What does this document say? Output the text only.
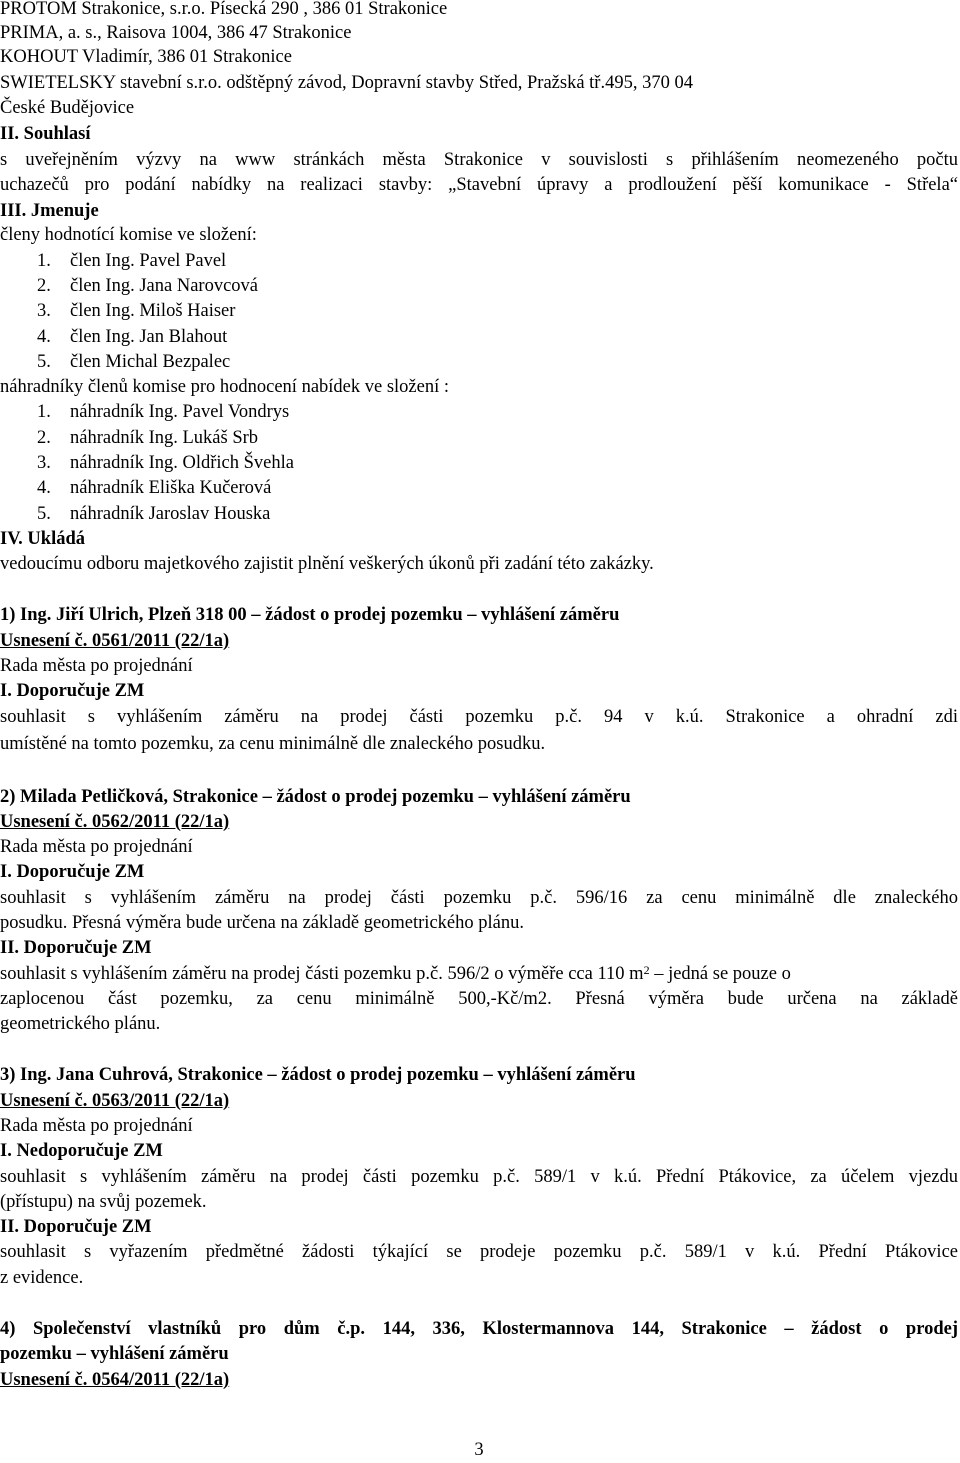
PROTOM Strakonice, s.r.o. Písecká 290 , 386 01 Strakonice
PRIMA, a. s., Raisova 1004, 386 47 Strakonice
KOHOUT Vladimír, 386 01 Strakonice
SWIETELSKY stavební s.r.o. odštěpný závod, Dopravní stavby Střed, Pražská tř.495, 370 04
České Budějovice
II. Souhlasí
s uveřejněním výzvy na www stránkách města Strakonice v souvislosti s přihlášením neomezeného počtu
uchazečů pro podání nabídky na realizaci stavby: „Stavební úpravy a prodloužení pěší komunikace - Střela“
III. Jmenuje
členy hodnotící komise ve složení:
1. člen Ing. Pavel Pavel
2. člen Ing. Jana Narovcová
3. člen Ing. Miloš Haiser
4. člen Ing. Jan Blahout
5. člen Michal Bezpalec
náhradníky členů komise pro hodnocení nabídek ve složení :
1. náhradník Ing. Pavel Vondrys
2. náhradník Ing. Lukáš Srb
3. náhradník Ing. Oldřich Švehla
4. náhradník Eliška Kučerová
5. náhradník Jaroslav Houska
IV. Ukládá
vedoucímu odboru majetkového zajistit plnění veškerých úkonů při zadání této zakázky.
1) Ing. Jiří Ulrich, Plzeň 318 00 – žádost o prodej pozemku – vyhlášení záměru
Usnesení č. 0561/2011 (22/1a)
Rada města po projednání
I. Doporučuje ZM
souhlasit s vyhlášením záměru na prodej části pozemku p.č. 94 v k.ú. Strakonice a ohradní zdi
umístěné na tomto pozemku, za cenu minimálně dle znaleckého posudku.
2) Milada Petličková, Strakonice – žádost o prodej pozemku – vyhlášení záměru
Usnesení č. 0562/2011 (22/1a)
Rada města po projednání
I. Doporučuje ZM
souhlasit s vyhlášením záměru na prodej části pozemku p.č. 596/16 za cenu minimálně dle znaleckého
posudku. Přesná výměra bude určena na základě geometrického plánu.
II. Doporučuje ZM
souhlasit s vyhlášením záměru na prodej části pozemku p.č. 596/2 o výměře cca 110 $m^2$ – jedná se pouze o
zaplocenou část pozemku, za cenu minimálně 500,-Kč/m2. Přesná výměra bude určena na základě
geometrického plánu.
3) Ing. Jana Cuhrová, Strakonice – žádost o prodej pozemku – vyhlášení záměru
Usnesení č. 0563/2011 (22/1a)
Rada města po projednání
I. Nedoporučuje ZM
souhlasit s vyhlášením záměru na prodej části pozemku p.č. 589/1 v k.ú. Přední Ptákovice, za účelem vjezdu
(přístupu) na svůj pozemek.
II. Doporučuje ZM
souhlasit s vyřazením předmětné žádosti týkající se prodeje pozemku p.č. 589/1 v k.ú. Přední Ptákovice
z evidence.
4) Společenství vlastníků pro dům č.p. 144, 336, Klostermannova 144, Strakonice – žádost o prodej
pozemku – vyhlášení záměru
Usnesení č. 0564/2011 (22/1a)
3
